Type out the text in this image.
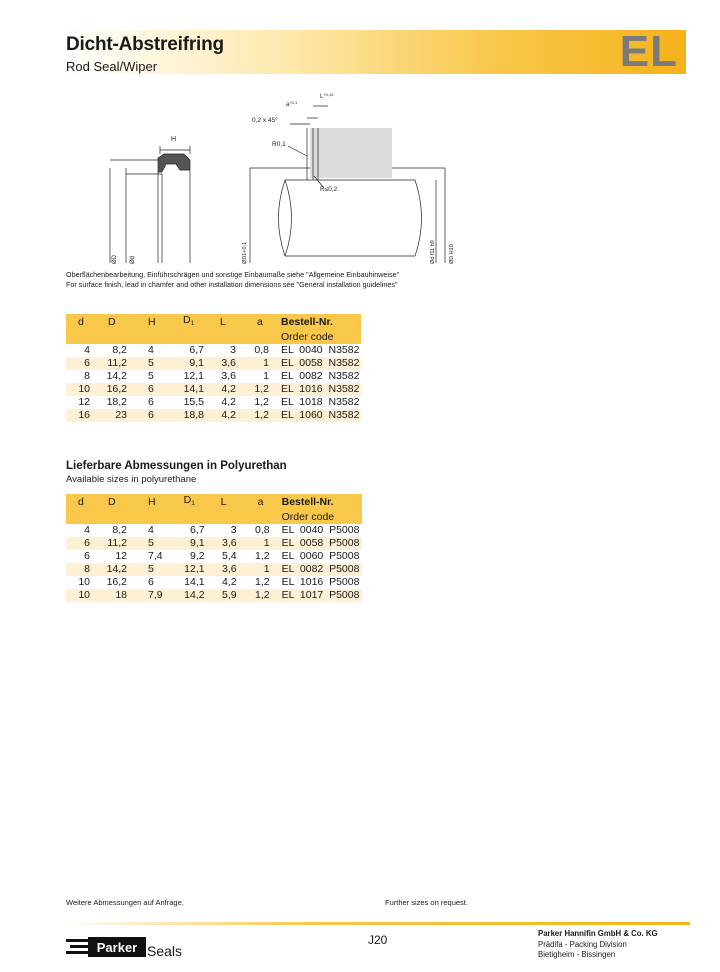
Dicht-Abstreifring
Rod Seal/Wiper	EL
H
ØD Ød
$a^{+0,1}$
$L^{+0,15}$
0,2 x 45°
R0,1
R≤0,2
ØD1+0,1	Ød f11 h9 ØD H10
Oberflächenbearbeitung, Einführschrägen und sonstige Einbaumaße siehe "Allgemeine Einbauhinweise"
For surface finish, lead in chamfer and other installation dimensions see "General installation guidelines"
d	D	H	$D_1$	L	a		Bestell-Nr.
							Order code
4	8,2	4	6,7	3	0,8		EL  0040  N3582
6	11,2	5	9,1	3,6	1		EL  0058  N3582
8	14,2	5	12,1	3,6	1		EL  0082  N3582
10	16,2	6	14,1	4,2	1,2		EL  1016  N3582
12	18,2	6	15,5	4,2	1,2		EL  1018  N3582
16	23	6	18,8	4,2	1,2		EL  1060  N3582
Lieferbare Abmessungen in Polyurethan
Available sizes in polyurethane
d	D	H	$D_1$	L	a		Bestell-Nr.
							Order code
4	8,2	4	6,7	3	0,8		EL  0040  P5008
6	11,2	5	9,1	3,6	1		EL  0058  P5008
6	12	7,4	9,2	5,4	1,2		EL  0060  P5008
8	14,2	5	12,1	3,6	1		EL  0082  P5008
10	16,2	6	14,1	4,2	1,2		EL  1016  P5008
10	18	7,9	14,2	5,9	1,2		EL  1017  P5008
Weitere Abmessungen auf Anfrage.	Further sizes on request.
J20
Parker Seals
Parker Hannifin GmbH & Co. KG
Prädifa - Packing Division
Bietigheim - Bissingen
